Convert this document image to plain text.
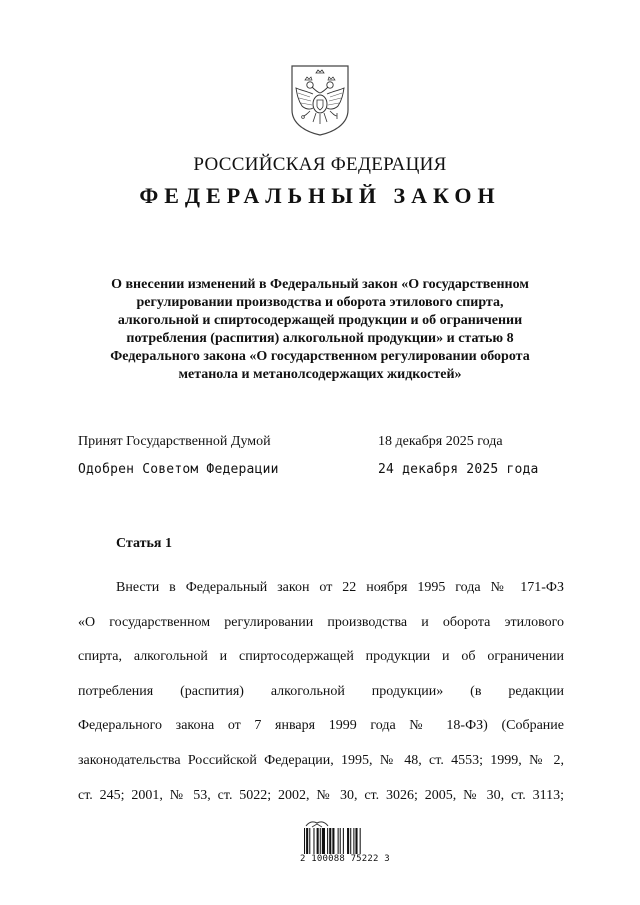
РОССИЙСКАЯ ФЕДЕРАЦИЯ
ФЕДЕРАЛЬНЫЙ ЗАКОН
О внесении изменений в Федеральный закон «О государственном
регулировании производства и оборота этилового спирта,
алкогольной и спиртосодержащей продукции и об ограничении
потребления (распития) алкогольной продукции» и статью 8
Федерального закона «О государственном регулировании оборота
метанола и метанолсодержащих жидкостей»
Принят Государственной Думой	18 декабря 2025 года
Одобрен Советом Федерации	24 декабря 2025 года
Статья 1
Внести в Федеральный закон от 22 ноября 1995 года № 171-ФЗ
«О государственном регулировании производства и оборота этилового
спирта, алкогольной и спиртосодержащей продукции и об ограничении
потребления (распития) алкогольной продукции» (в редакции
Федерального закона от 7 января 1999 года № 18-ФЗ) (Собрание
законодательства Российской Федерации, 1995, № 48, ст. 4553; 1999, № 2,
ст. 245; 2001, № 53, ст. 5022; 2002, № 30, ст. 3026; 2005, № 30, ст. 3113;
2 100088 75222 3
